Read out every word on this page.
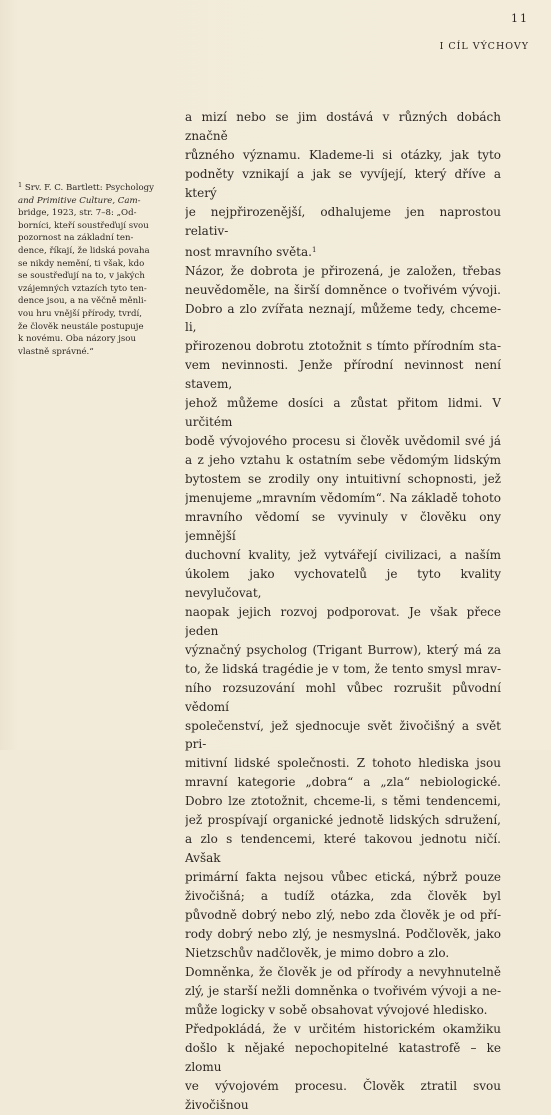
11
I CÍL VÝCHOVY
$^1$ Srv. F. C. Bartlett: Psychology
and Primitive Culture, Cam-
bridge, 1923, str. 7–8: „Od-
borníci, kteří soustřeďují svou
pozornost na základní ten-
dence, říkají, že lidská povaha
se nikdy nemění, ti však, kdo
se soustřeďují na to, v jakých
vzájemných vztazích tyto ten-
dence jsou, a na věčně měnli-
vou hru vnější přírody, tvrdí,
že člověk neustále postupuje
k novému. Oba názory jsou
vlastně správné.“
a mizí nebo se jim dostává v různých dobách značně
různého významu. Klademe-li si otázky, jak tyto
podněty vznikají a jak se vyvíjejí, který dříve a který
je nejpřirozenější, odhalujeme jen naprostou relativ-
nost mravního světa.$^1$
Názor, že dobrota je přirozená, je založen, třebas
neuvědoměle, na širší domněnce o tvořivém vývoji.
Dobro a zlo zvířata neznají, můžeme tedy, chceme-li,
přirozenou dobrotu ztotožnit s tímto přírodním sta-
vem nevinnosti. Jenže přírodní nevinnost není stavem,
jehož můžeme dosíci a zůstat přitom lidmi. V určitém
bodě vývojového procesu si člověk uvědomil své já
a z jeho vztahu k ostatním sebe vědomým lidským
bytostem se zrodily ony intuitivní schopnosti, jež
jmenujeme „mravním vědomím“. Na základě tohoto
mravního vědomí se vyvinuly v člověku ony jemnější
duchovní kvality, jež vytvářejí civilizaci, a naším
úkolem jako vychovatelů je tyto kvality nevylučovat,
naopak jejich rozvoj podporovat. Je však přece jeden
význačný psycholog (Trigant Burrow), který má za
to, že lidská tragédie je v tom, že tento smysl mrav-
ního rozsuzování mohl vůbec rozrušit původní vědomí
společenství, jež sjednocuje svět živočišný a svět pri-
mitivní lidské společnosti. Z tohoto hlediska jsou
mravní kategorie „dobra“ a „zla“ nebiologické.
Dobro lze ztotožnit, chceme-li, s těmi tendencemi,
jež prospívají organické jednotě lidských sdružení,
a zlo s tendencemi, které takovou jednotu ničí. Avšak
primární fakta nejsou vůbec etická, nýbrž pouze
živočišná; a tudíž otázka, zda člověk byl
původně dobrý nebo zlý, nebo zda člověk je od pří-
rody dobrý nebo zlý, je nesmyslná. Podčlověk, jako
Nietzschův nadčlověk, je mimo dobro a zlo.
Domněnka, že člověk je od přírody a nevyhnutelně
zlý, je starší nežli domněnka o tvořivém vývoji a ne-
může logicky v sobě obsahovat vývojové hledisko.
Předpokládá, že v určitém historickém okamžiku
došlo k nějaké nepochopitelné katastrofě – ke zlomu
ve vývojovém procesu. Člověk ztratil svou živočišnou
